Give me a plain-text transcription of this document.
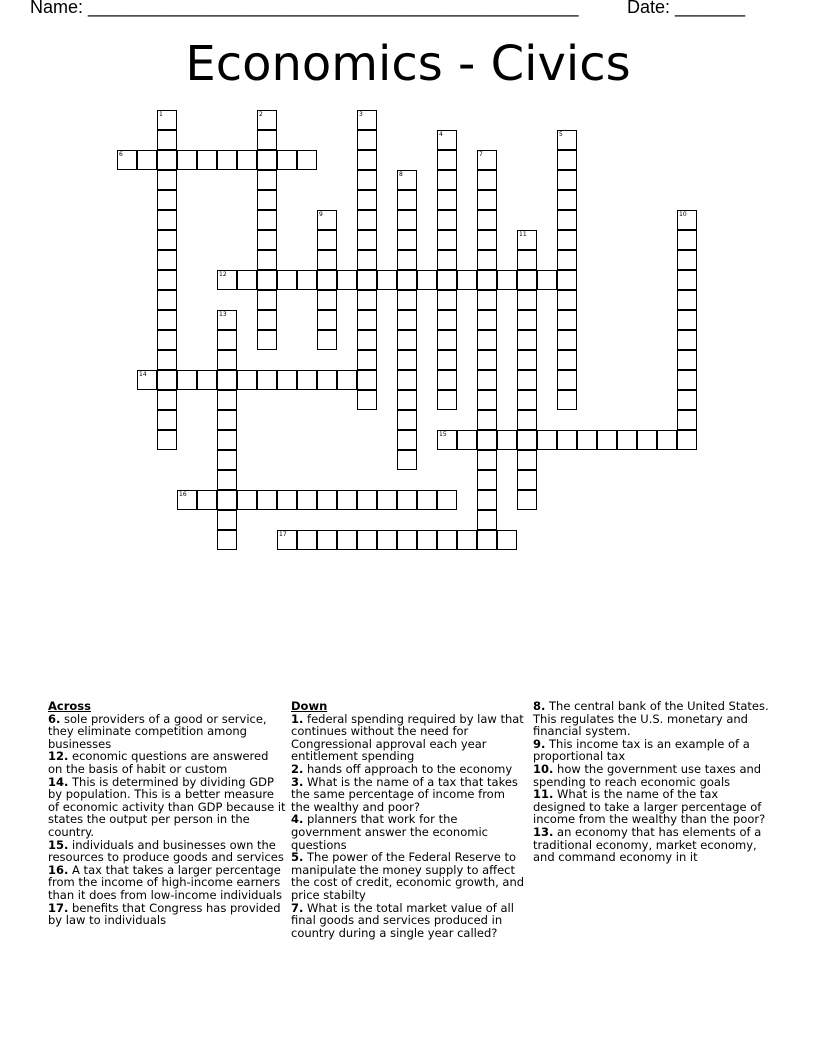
Name: _________________________________________________	Date: _______
Economics - Civics
1	2	3
4	5
6	7
8
9	10
11
12
13
14
15
16
17
Across
6. sole providers of a good or service, they eliminate competition among businesses
12. economic questions are answered on the basis of habit or custom
14. This is determined by dividing GDP by population. This is a better measure of economic activity than GDP because it states the output per person in the country.
15. individuals and businesses own the resources to produce goods and services
16. A tax that takes a larger percentage from the income of high-income earners than it does from low-income individuals
17. benefits that Congress has provided by law to individuals
Down
1. federal spending required by law that continues without the need for Congressional approval each year entitlement spending
2. hands off approach to the economy
3. What is the name of a tax that takes the same percentage of income from the wealthy and poor?
4. planners that work for the government answer the economic questions
5. The power of the Federal Reserve to manipulate the money supply to affect the cost of credit, economic growth, and price stabilty
7. What is the total market value of all final goods and services produced in country during a single year called?
8. The central bank of the United States. This regulates the U.S. monetary and financial system.
9. This income tax is an example of a proportional tax
10. how the government use taxes and spending to reach economic goals
11. What is the name of the tax designed to take a larger percentage of income from the wealthy than the poor?
13. an economy that has elements of a traditional economy, market economy, and command economy in it
